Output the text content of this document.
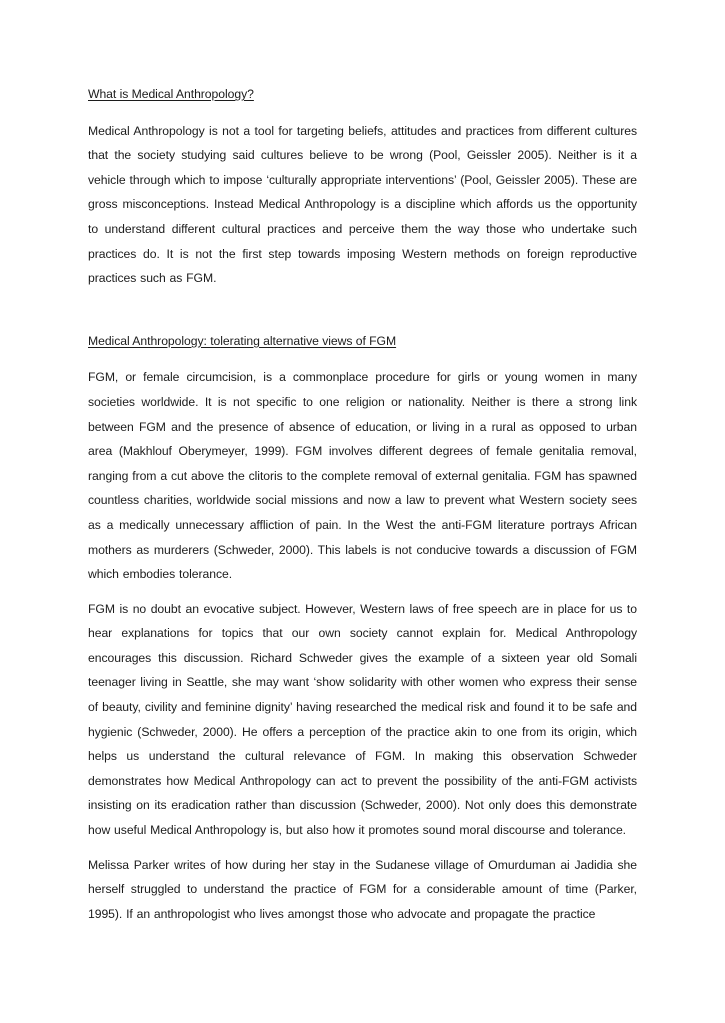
What is Medical Anthropology?

Medical Anthropology is not a tool for targeting beliefs, attitudes and practices from different cultures that the society studying said cultures believe to be wrong (Pool, Geissler 2005). Neither is it a vehicle through which to impose ‘culturally appropriate interventions’ (Pool, Geissler 2005). These are gross misconceptions. Instead Medical Anthropology is a discipline which affords us the opportunity to understand different cultural practices and perceive them the way those who undertake such practices do. It is not the first step towards imposing Western methods on foreign reproductive practices such as FGM.

Medical Anthropology: tolerating alternative views of FGM

FGM, or female circumcision, is a commonplace procedure for girls or young women in many societies worldwide. It is not specific to one religion or nationality. Neither is there a strong link between FGM and the presence of absence of education, or living in a rural as opposed to urban area (Makhlouf Oberymeyer, 1999). FGM involves different degrees of female genitalia removal, ranging from a cut above the clitoris to the complete removal of external genitalia. FGM has spawned countless charities, worldwide social missions and now a law to prevent what Western society sees as a medically unnecessary affliction of pain. In the West the anti-FGM literature portrays African mothers as murderers (Schweder, 2000). This labels is not conducive towards a discussion of FGM which embodies tolerance.

FGM is no doubt an evocative subject. However, Western laws of free speech are in place for us to hear explanations for topics that our own society cannot explain for. Medical Anthropology encourages this discussion. Richard Schweder gives the example of a sixteen year old Somali teenager living in Seattle, she may want ‘show solidarity with other women who express their sense of beauty, civility and feminine dignity’ having researched the medical risk and found it to be safe and hygienic (Schweder, 2000). He offers a perception of the practice akin to one from its origin, which helps us understand the cultural relevance of FGM. In making this observation Schweder demonstrates how Medical Anthropology can act to prevent the possibility of the anti-FGM activists insisting on its eradication rather than discussion (Schweder, 2000). Not only does this demonstrate how useful Medical Anthropology is, but also how it promotes sound moral discourse and tolerance.

Melissa Parker writes of how during her stay in the Sudanese village of Omurduman ai Jadidia she herself struggled to understand the practice of FGM for a considerable amount of time (Parker, 1995). If an anthropologist who lives amongst those who advocate and propagate the practice
